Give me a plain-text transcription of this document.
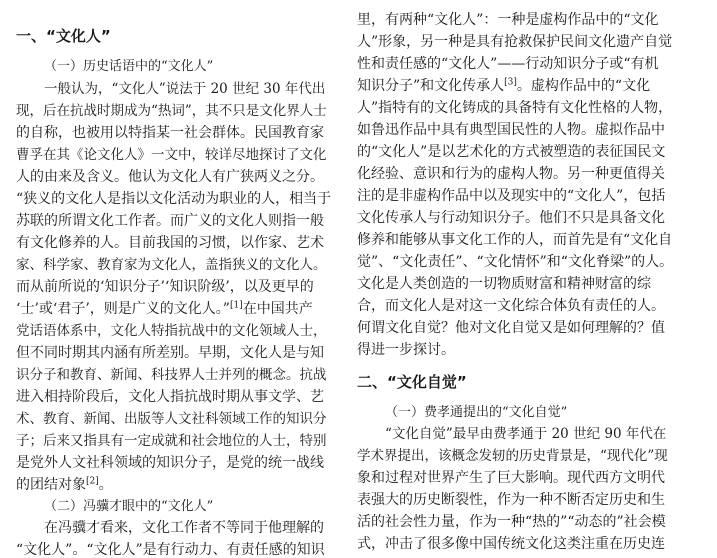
一、“文化人”
（一）历史话语中的“文化人”
一般认为，“文化人”说法于 20 世纪 30 年代出
现，后在抗战时期成为“热词”，其不只是文化界人士
的自称，也被用以特指某一社会群体。民国教育家
曹孚在其《论文化人》一文中，较详尽地探讨了文化
人的由来及含义。他认为文化人有广狭两义之分。
“狭义的文化人是指以文化活动为职业的人，相当于
苏联的所谓文化工作者。而广义的文化人则指一般
有文化修养的人。目前我国的习惯，以作家、艺术
家、科学家、教育家为文化人，盖指狭义的文化人。
而从前所说的‘知识分子’‘知识阶级’，以及更早的
‘士’或‘君子’，则是广义的文化人。”[1]在中国共产
党话语体系中，文化人特指抗战中的文化领域人士，
但不同时期其内涵有所差别。早期，文化人是与知
识分子和教育、新闻、科技界人士并列的概念。抗战
进入相持阶段后，文化人指抗战时期从事文学、艺
术、教育、新闻、出版等人文社科领域工作的知识分
子；后来又指具有一定成就和社会地位的人士，特别
是党外人文社科领域的知识分子，是党的统一战线
的团结对象[2]。
（二）冯骥才眼中的“文化人”
在冯骥才看来，文化工作者不等同于他理解的
“文化人”。“文化人”是有行动力、有责任感的知识
里，有两种“文化人”：一种是虚构作品中的“文化
人”形象，另一种是具有抢救保护民间文化遗产自觉
性和责任感的“文化人”——行动知识分子或“有机
知识分子”和文化传承人[3]。虚构作品中的“文化
人”指特有的文化铸成的具备特有文化性格的人物，
如鲁迅作品中具有典型国民性的人物。虚拟作品中
的“文化人”是以艺术化的方式被塑造的表征国民文
化经验、意识和行为的虚构人物。另一种更值得关
注的是非虚构作品中以及现实中的“文化人”，包括
文化传承人与行动知识分子。他们不只是具备文化
修养和能够从事文化工作的人，而首先是有“文化自
觉”、“文化责任”、“文化情怀”和“文化脊梁”的人。
文化是人类创造的一切物质财富和精神财富的综
合，而文化人是对这一文化综合体负有责任的人。
何谓文化自觉？他对文化自觉又是如何理解的？值
得进一步探讨。
二、“文化自觉”
（一）费孝通提出的“文化自觉”
“文化自觉”最早由费孝通于 20 世纪 90 年代在
学术界提出，该概念发轫的历史背景是，“现代化”现
象和过程对世界产生了巨大影响。现代西方文明代
表强大的历史断裂性，作为一种不断否定历史和生
活的社会性力量，作为一种“热的”“动态的”社会模
式，冲击了很多像中国传统文化这类注重在历史连
